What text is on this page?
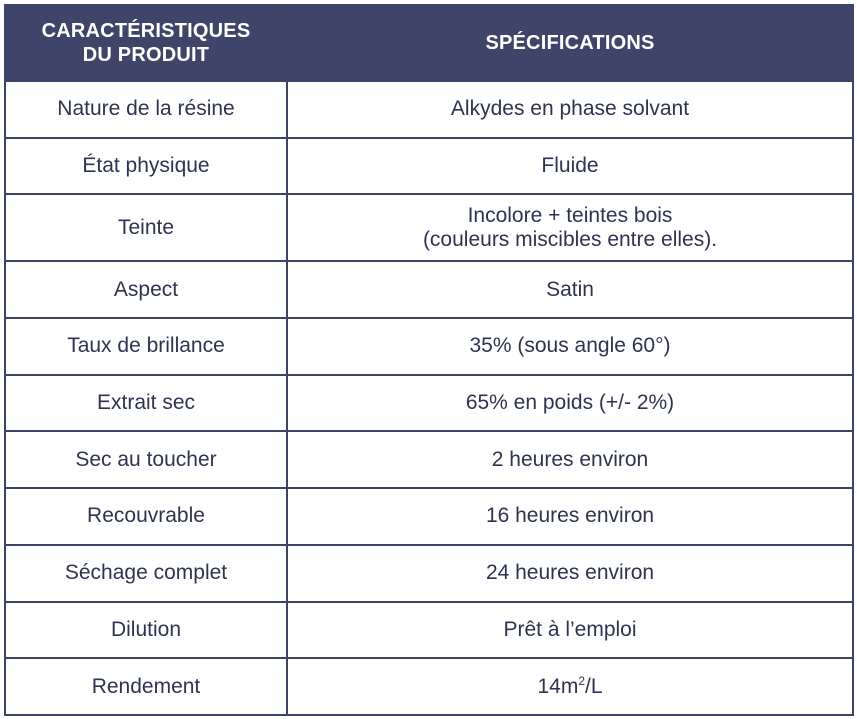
CARACTÉRISTIQUES
DU PRODUIT	SPÉCIFICATIONS
Nature de la résine	Alkydes en phase solvant
État physique	Fluide
Teinte	Incolore + teintes bois
(couleurs miscibles entre elles).

Aspect	Satin
Taux de brillance	35% (sous angle 60°)
Extrait sec	65% en poids (+/- 2%)
Sec au toucher	2 heures environ
Recouvrable	16 heures environ
Séchage complet	24 heures environ
Dilution	Prêt à l’emploi
Rendement	$14m^2/L$
